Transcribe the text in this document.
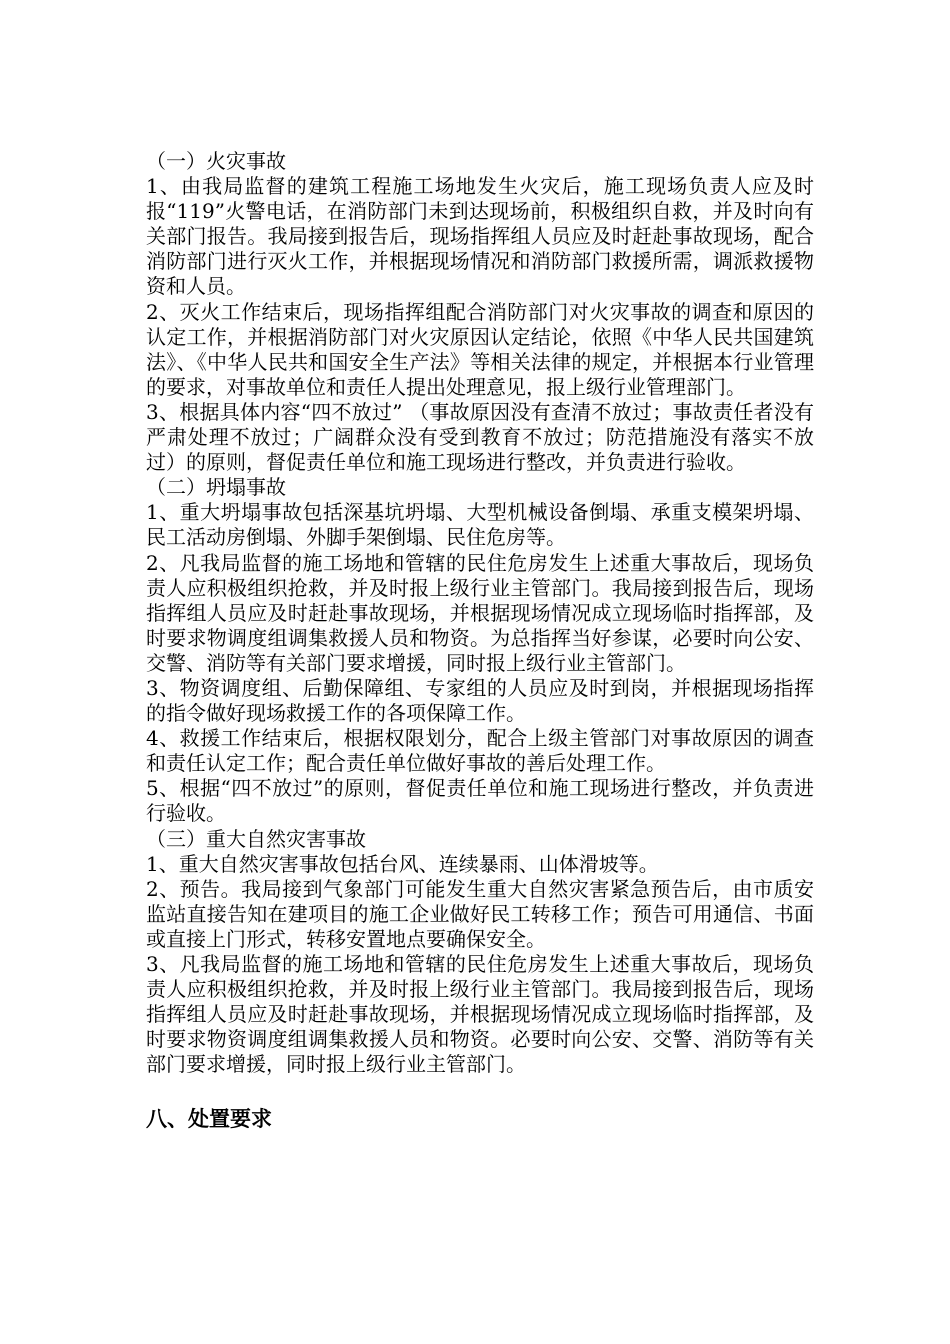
（一）火灾事故

1、由我局监督的建筑工程施工场地发生火灾后，施工现场负责人应及时报“119”火警电话，在消防部门未到达现场前，积极组织自救，并及时向有关部门报告。我局接到报告后，现场指挥组人员应及时赶赴事故现场，配合消防部门进行灭火工作，并根据现场情况和消防部门救援所需，调派救援物资和人员。

2、灭火工作结束后，现场指挥组配合消防部门对火灾事故的调查和原因的认定工作，并根据消防部门对火灾原因认定结论，依照《中华人民共国建筑法》、《中华人民共和国安全生产法》等相关法律的规定，并根据本行业管理的要求，对事故单位和责任人提出处理意见，报上级行业管理部门。

3、根据具体内容“四不放过” （事故原因没有查清不放过；事故责任者没有严肃处理不放过；广阔群众没有受到教育不放过；防范措施没有落实不放过）的原则，督促责任单位和施工现场进行整改，并负责进行验收。

（二）坍塌事故

1、重大坍塌事故包括深基坑坍塌、大型机械设备倒塌、承重支模架坍塌、民工活动房倒塌、外脚手架倒塌、民住危房等。

2、凡我局监督的施工场地和管辖的民住危房发生上述重大事故后，现场负责人应积极组织抢救，并及时报上级行业主管部门。我局接到报告后，现场指挥组人员应及时赶赴事故现场，并根据现场情况成立现场临时指挥部，及时要求物调度组调集救援人员和物资。为总指挥当好参谋，必要时向公安、交警、消防等有关部门要求增援，同时报上级行业主管部门。

3、物资调度组、后勤保障组、专家组的人员应及时到岗，并根据现场指挥的指令做好现场救援工作的各项保障工作。

4、救援工作结束后，根据权限划分，配合上级主管部门对事故原因的调查和责任认定工作；配合责任单位做好事故的善后处理工作。

5、根据“四不放过”的原则，督促责任单位和施工现场进行整改，并负责进行验收。

（三）重大自然灾害事故

1、重大自然灾害事故包括台风、连续暴雨、山体滑坡等。

2、预告。我局接到气象部门可能发生重大自然灾害紧急预告后，由市质安监站直接告知在建项目的施工企业做好民工转移工作；预告可用通信、书面或直接上门形式，转移安置地点要确保安全。

3、凡我局监督的施工场地和管辖的民住危房发生上述重大事故后，现场负责人应积极组织抢救，并及时报上级行业主管部门。我局接到报告后，现场指挥组人员应及时赶赴事故现场，并根据现场情况成立现场临时指挥部，及时要求物资调度组调集救援人员和物资。必要时向公安、交警、消防等有关部门要求增援，同时报上级行业主管部门。

八、处置要求
